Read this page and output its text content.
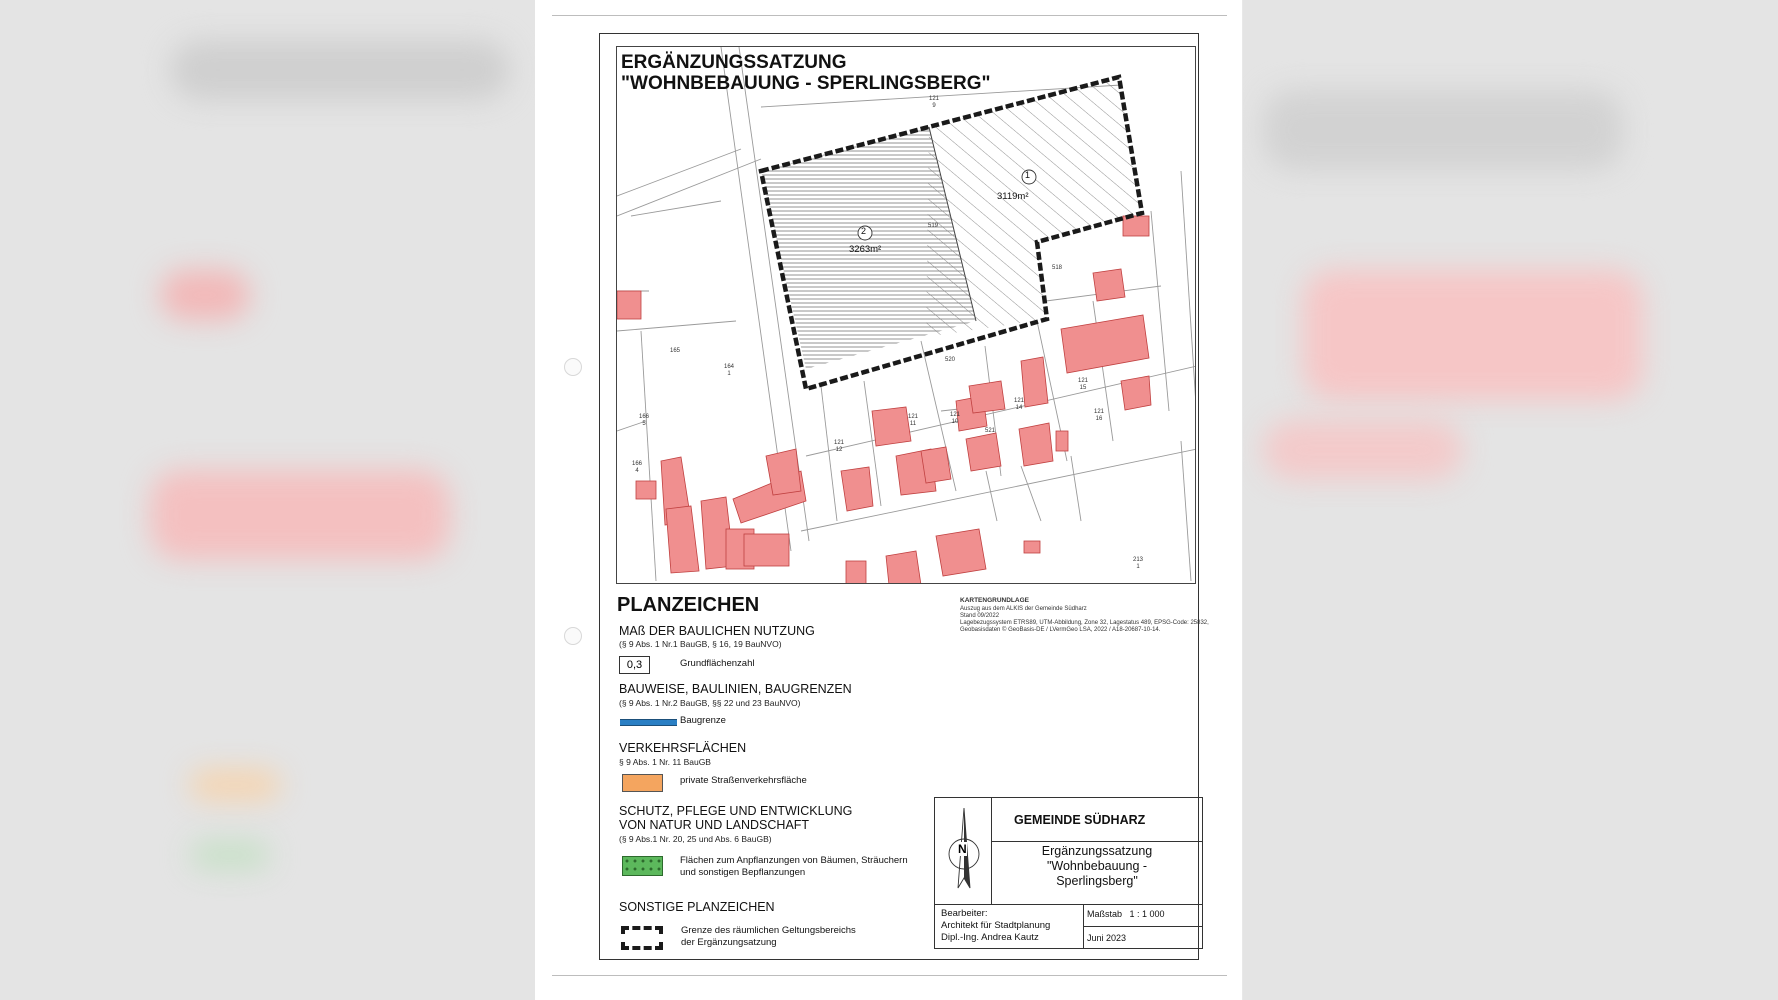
1
3119m²
2
3263m²
121
9
519
518
520
521
165
164
1
166
5
166
4
121
12
121
11
121
10
121
14
121
15
121
16
213
1
ERGÄNZUNGSSATZUNG
"WOHNBEBAUUNG - SPERLINGSBERG"
PLANZEICHEN
MAß DER BAULICHEN NUTZUNG
(§ 9 Abs. 1 Nr.1 BauGB, § 16, 19 BauNVO)
0,3	Grundflächenzahl
BAUWEISE, BAULINIEN, BAUGRENZEN
(§ 9 Abs. 1 Nr.2 BauGB, §§ 22 und 23 BauNVO)
Baugrenze
VERKEHRSFLÄCHEN
§ 9 Abs. 1 Nr. 11 BauGB
private Straßenverkehrsfläche
SCHUTZ, PFLEGE UND ENTWICKLUNG
VON NATUR UND LANDSCHAFT
(§ 9 Abs.1 Nr. 20, 25 und Abs. 6 BauGB)
Flächen zum Anpflanzungen von Bäumen, Sträuchern
und sonstigen Bepflanzungen
SONSTIGE PLANZEICHEN
Grenze des räumlichen Geltungsbereichs
der Ergänzungsatzung
KARTENGRUNDLAGE
Auszug aus dem ALKIS der Gemeinde Südharz
Stand 09/2022
Lagebezugssystem ETRS89, UTM-Abbildung, Zone 32, Lagestatus 489, EPSG-Code: 25832,
Geobasisdaten © GeoBasis-DE / LVermGeo LSA, 2022 / A18-20687-10-14.
N
GEMEINDE SÜDHARZ
Ergänzungssatzung
"Wohnbebauung -
Sperlingsberg"
Bearbeiter:
Architekt für Stadtplanung
Dipl.-Ing. Andrea Kautz
Maßstab   1 : 1 000
Juni 2023
